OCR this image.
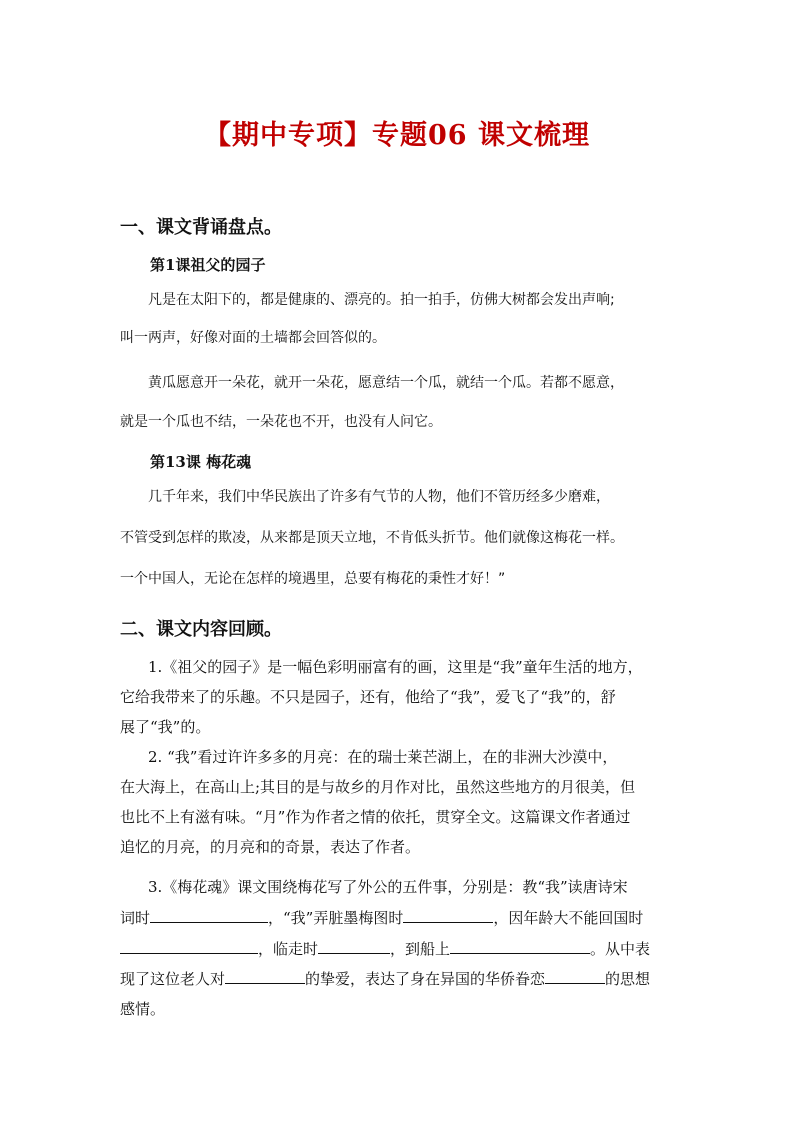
【期中专项】专题06 课文梳理
一、课文背诵盘点。
第1课祖父的园子
凡是在太阳下的，都是健康的、漂亮的。拍一拍手，仿佛大树都会发出声响;
叫一两声，好像对面的土墙都会回答似的。
黄瓜愿意开一朵花，就开一朵花，愿意结一个瓜，就结一个瓜。若都不愿意，
就是一个瓜也不结，一朵花也不开，也没有人问它。
第13课 梅花魂
几千年来，我们中华民族出了许多有气节的人物，他们不管历经多少磨难，
不管受到怎样的欺凌，从来都是顶天立地，不肯低头折节。他们就像这梅花一样。
一个中国人，无论在怎样的境遇里，总要有梅花的秉性才好！”
二、课文内容回顾。
1.《祖父的园子》是一幅色彩明丽富有的画，这里是“我”童年生活的地方，
它给我带来了的乐趣。不只是园子，还有，他给了“我”，爱飞了“我”的，舒
展了“我”的。
2. “我”看过许许多多的月亮：在的瑞士莱芒湖上，在的非洲大沙漠中，
在大海上，在高山上;其目的是与故乡的月作对比，虽然这些地方的月很美，但
也比不上有滋有味。“月”作为作者之情的依托，贯穿全文。这篇课文作者通过
追忆的月亮，的月亮和的奇景，表达了作者。
3.《梅花魂》课文围绕梅花写了外公的五件事，分别是：教“我”读唐诗宋
词时	，“我”弄脏墨梅图时	，因年龄大不能回国时
，临走时	，到船上	。从中表
现了这位老人对	的挚爱，表达了身在异国的华侨眷恋	的思想
感情。
